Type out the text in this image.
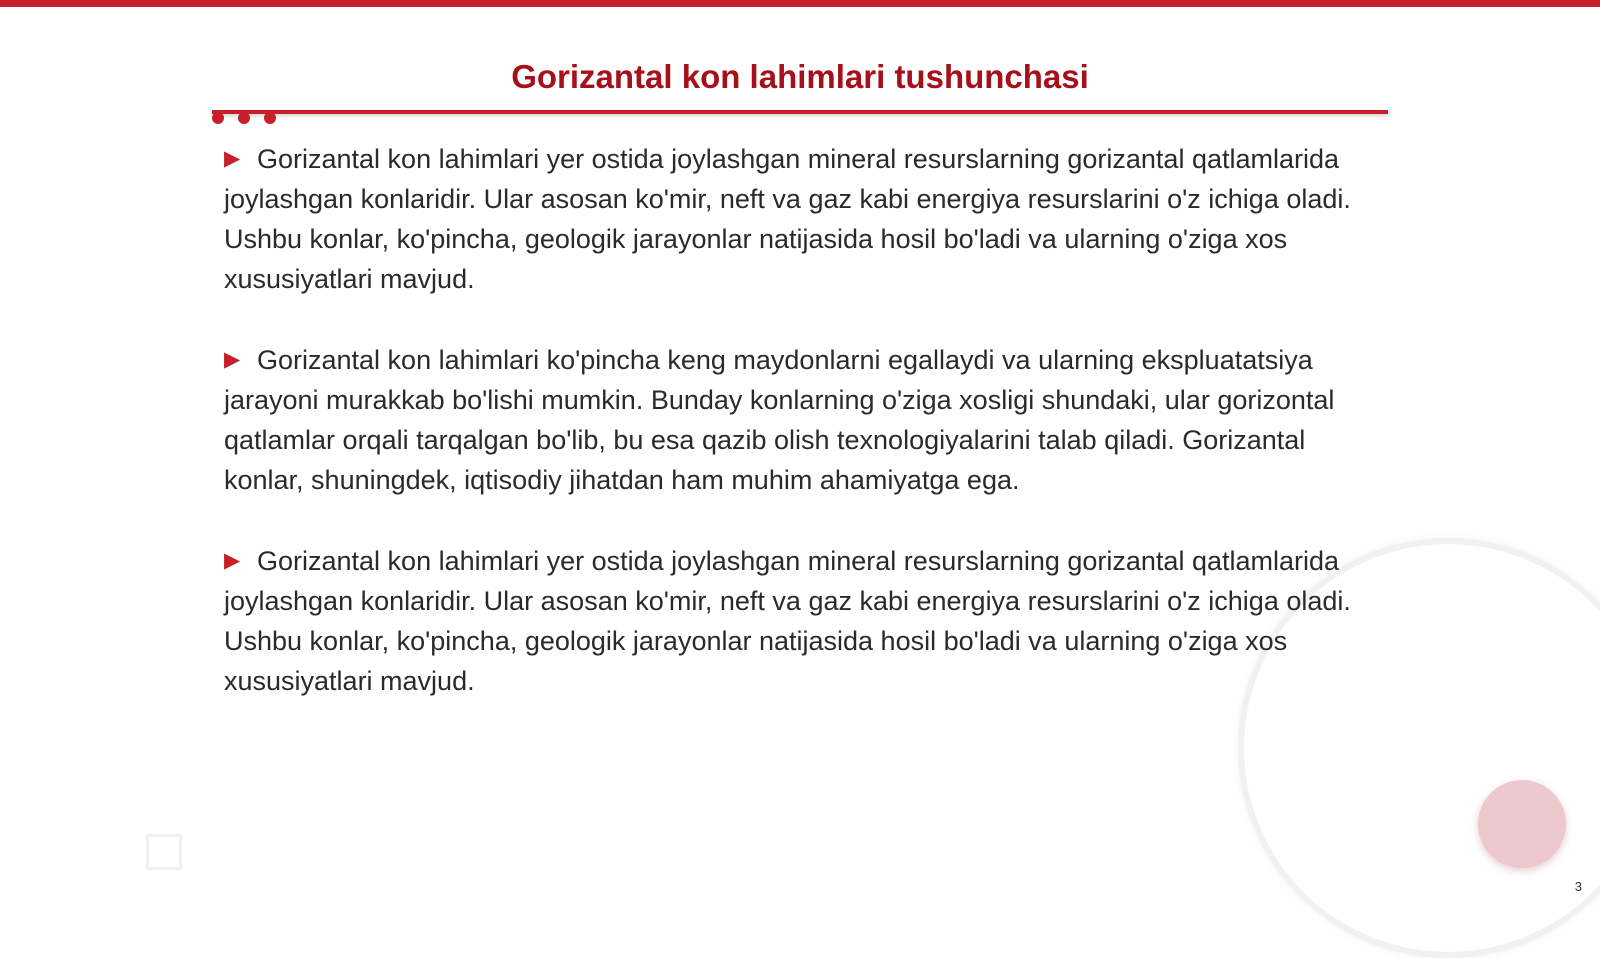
Gorizantal kon lahimlari tushunchasi

▶ Gorizantal kon lahimlari yer ostida joylashgan mineral resurslarning gorizantal qatlamlarida joylashgan konlaridir. Ular asosan ko'mir, neft va gaz kabi energiya resurslarini o'z ichiga oladi. Ushbu konlar, ko'pincha, geologik jarayonlar natijasida hosil bo'ladi va ularning o'ziga xos xususiyatlari mavjud.

▶ Gorizantal kon lahimlari ko'pincha keng maydonlarni egallaydi va ularning ekspluatatsiya jarayoni murakkab bo'lishi mumkin. Bunday konlarning o'ziga xosligi shundaki, ular gorizontal qatlamlar orqali tarqalgan bo'lib, bu esa qazib olish texnologiyalarini talab qiladi. Gorizantal konlar, shuningdek, iqtisodiy jihatdan ham muhim ahamiyatga ega.

▶ Gorizantal kon lahimlari yer ostida joylashgan mineral resurslarning gorizantal qatlamlarida joylashgan konlaridir. Ular asosan ko'mir, neft va gaz kabi energiya resurslarini o'z ichiga oladi. Ushbu konlar, ko'pincha, geologik jarayonlar natijasida hosil bo'ladi va ularning o'ziga xos xususiyatlari mavjud.

3
